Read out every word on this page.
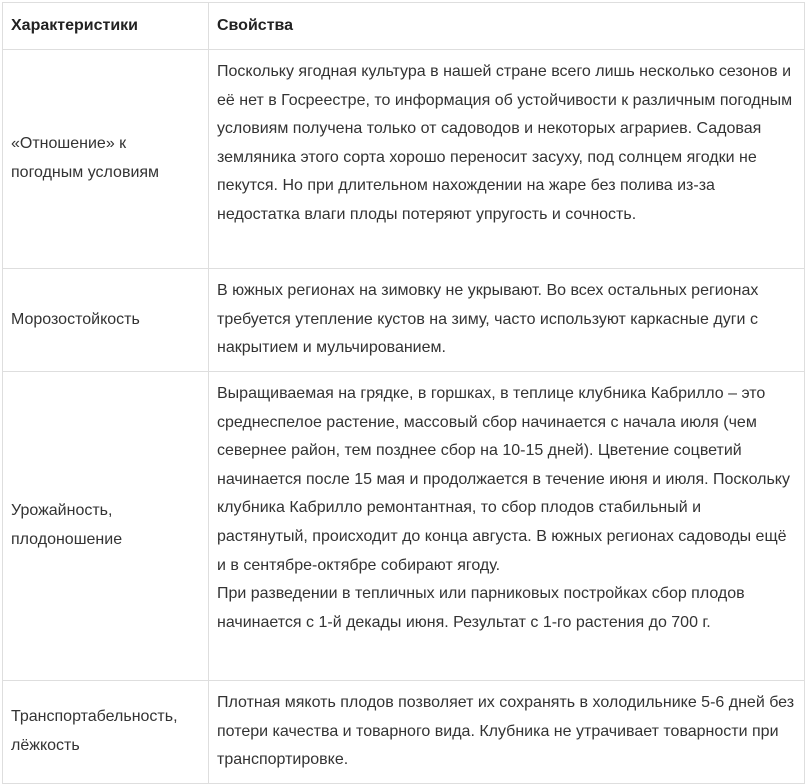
Характеристики	Свойства
«Отношение» к погодным условиям	Поскольку ягодная культура в нашей стране всего лишь несколько сезонов и её нет в Госреестре, то информация об устойчивости к различным погодным условиям получена только от садоводов и некоторых аграриев. Садовая земляника этого сорта хорошо переносит засуху, под солнцем ягодки не пекутся. Но при длительном нахождении на жаре без полива из-за недостатка влаги плоды потеряют упругость и сочность.

Морозостойкость	В южных регионах на зимовку не укрывают. Во всех остальных регионах требуется утепление кустов на зиму, часто используют каркасные дуги с накрытием и мульчированием.

Урожайность, плодоношение	Выращиваемая на грядке, в горшках, в теплице клубника Кабрилло – это среднеспелое растение, массовый сбор начинается с начала июля (чем севернее район, тем позднее сбор на 10-15 дней). Цветение соцветий начинается после 15 мая и продолжается в течение июня и июля. Поскольку клубника Кабрилло ремонтантная, то сбор плодов стабильный и растянутый, происходит до конца августа. В южных регионах садоводы ещё и в сентябре-октябре собирают ягоду.
При разведении в тепличных или парниковых постройках сбор плодов начинается с 1-й декады июня. Результат с 1-го растения до 700 г.

Транспортабельность, лёжкость	Плотная мякоть плодов позволяет их сохранять в холодильнике 5-6 дней без потери качества и товарного вида. Клубника не утрачивает товарности при транспортировке.
